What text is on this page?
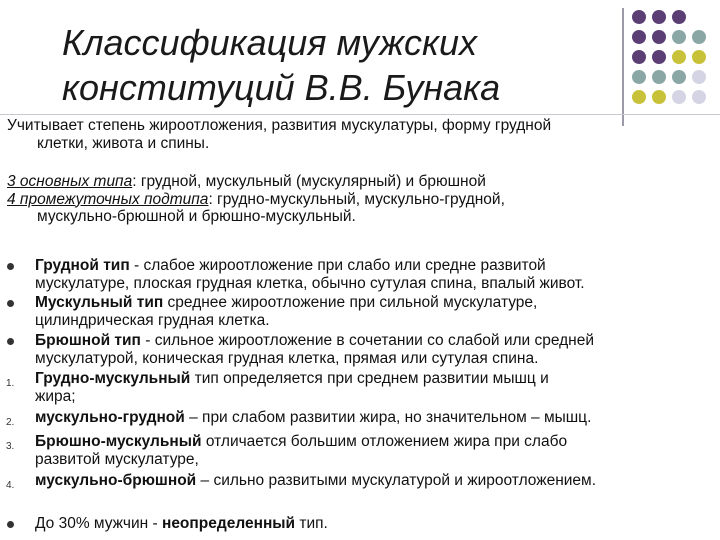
Классификация мужских
конституций В.В. Бунака

Учитывает степень жироотложения, развития мускулатуры, форму грудной

клетки, живота и спины.

3 основных типа: грудной, мускульный (мускулярный) и брюшной

4 промежуточных подтипа: грудно-мускульный, мускульно-грудной,

мускульно-брюшной и брюшно-мускульный.

Грудной тип - слабое жироотложение при слабо или средне развитой
мускулатуре, плоская грудная клетка, обычно сутулая спина, впалый живот.
Мускульный тип среднее жироотложение при сильной мускулатуре,
цилиндрическая грудная клетка.
Брюшной тип - сильное жироотложение в сочетании со слабой или средней
мускулатурой, коническая грудная клетка, прямая или сутулая спина.
1. Грудно-мускульный тип определяется при среднем развитии мышц и
жира;
2. мускульно-грудной – при слабом развитии жира, но значительном – мышц.
3. Брюшно-мускульный отличается большим отложением жира при слабо
развитой мускулатуре,
4. мускульно-брюшной – сильно развитыми мускулатурой и жироотложением.
До 30% мужчин - неопределенный тип.
